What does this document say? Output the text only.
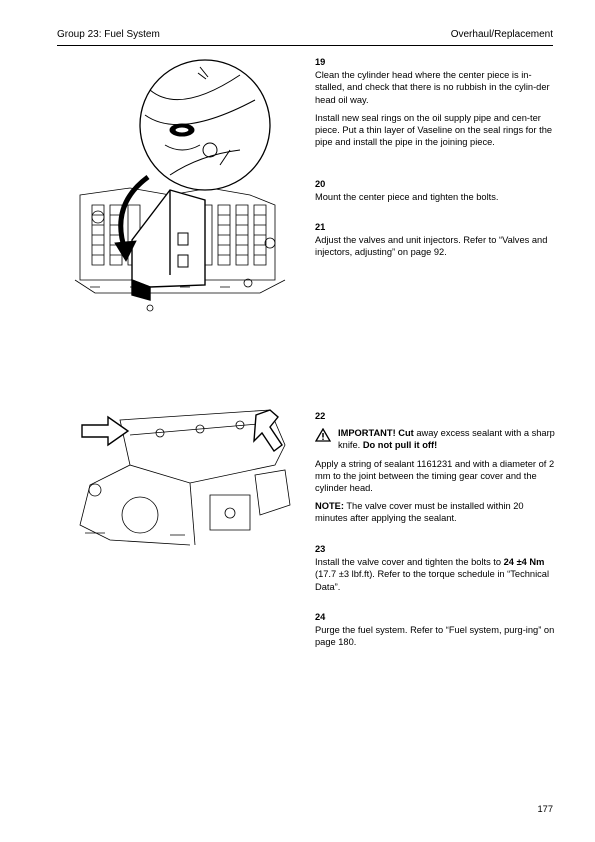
Group 23: Fuel System	Overhaul/Replacement
19

Clean the cylinder head where the center piece is in-stalled, and check that there is no rubbish in the cylin-der head oil way.

Install new seal rings on the oil supply pipe and cen-ter piece. Put a thin layer of Vaseline on the seal rings for the pipe and install the pipe in the joining piece.

20

Mount the center piece and tighten the bolts.

21

Adjust the valves and unit injectors. Refer to “Valves and injectors, adjusting” on page 92.

22
IMPORTANT! Cut away excess sealant with a sharp knife. Do not pull it off!

Apply a string of sealant 1161231 and with a diameter of 2 mm to the joint between the timing gear cover and the cylinder head.

NOTE: The valve cover must be installed within 20 minutes after applying the sealant.

23

Install the valve cover and tighten the bolts to 24 ±4 Nm (17.7 ±3 lbf.ft). Refer to the torque schedule in “Technical Data”.

24

Purge the fuel system. Refer to “Fuel system, purg-ing” on page 180.

177
